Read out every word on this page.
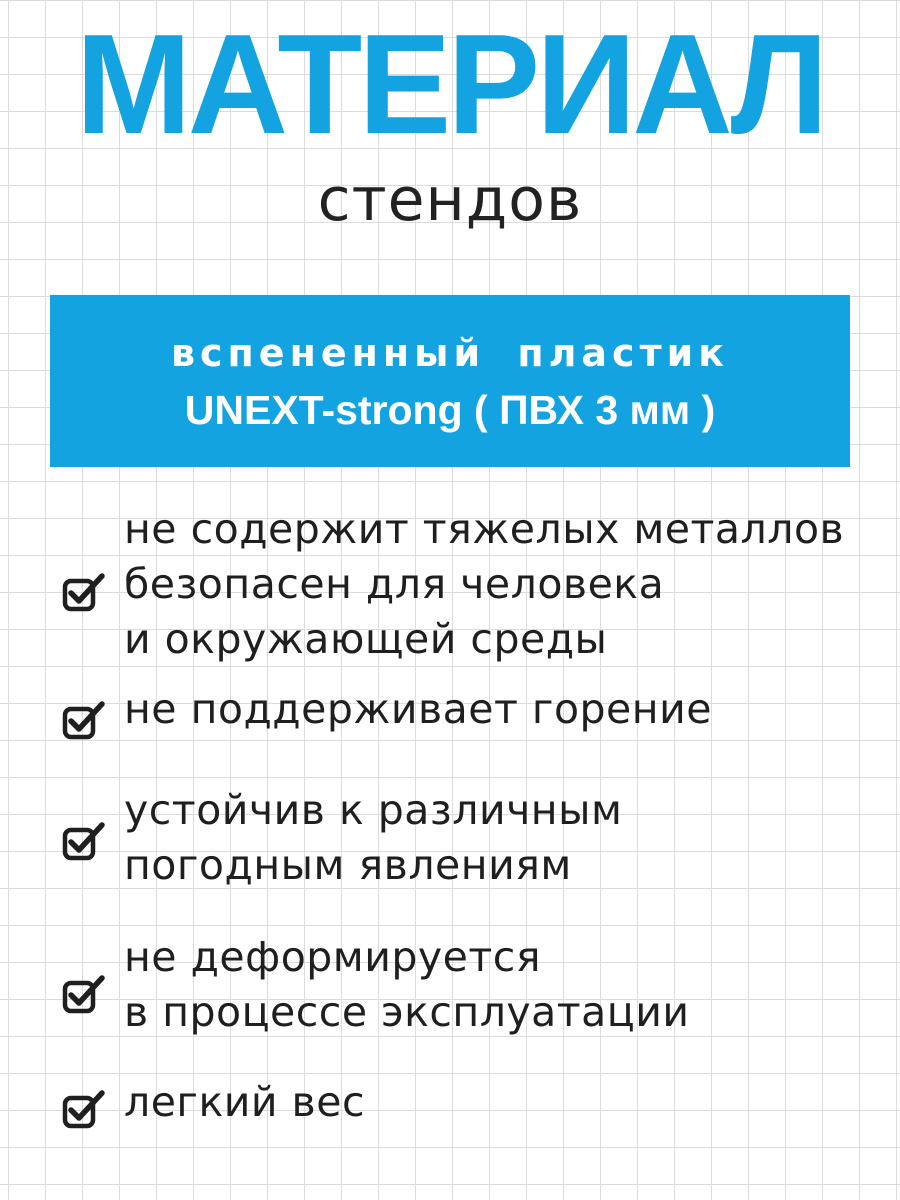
МАТЕРИАЛ
стендов
вспененный пластик
UNEXT-strong ( ПВХ 3 мм )
не содержит тяжелых металлов
безопасен для человека
и окружающей среды
не поддерживает горение
устойчив к различным
погодным явлениям
не деформируется
в процессе эксплуатации
легкий вес
